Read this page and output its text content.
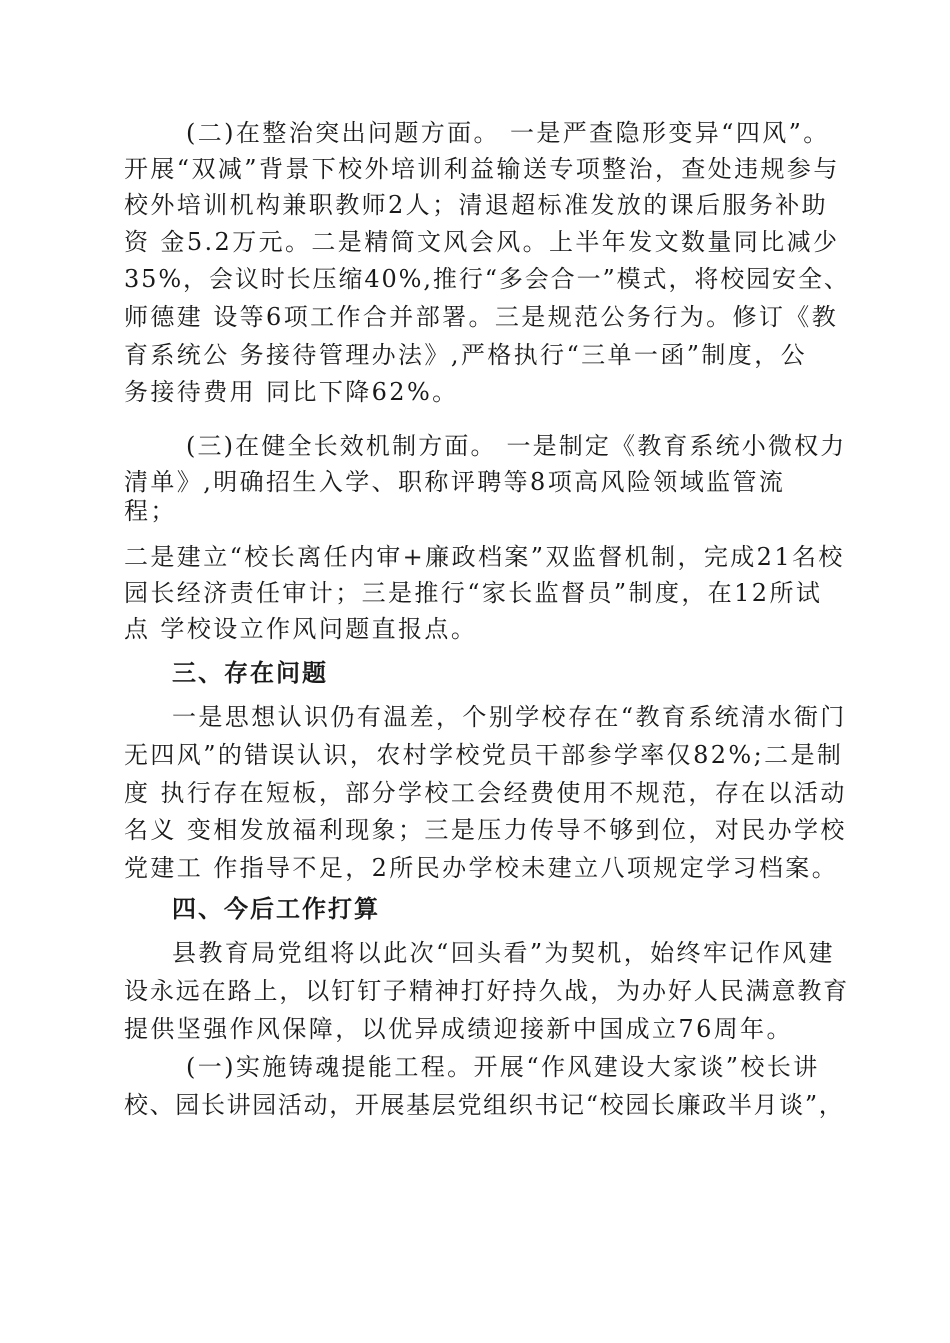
(二)在整治突出问题方面。 一是严查隐形变异“四风”。
开展“双减”背景下校外培训利益输送专项整治，查处违规参与
校外培训机构兼职教师2人；清退超标准发放的课后服务补助
资 金5.2万元。二是精简文风会风。上半年发文数量同比减少
35%，会议时长压缩40%,推行“多会合一”模式，将校园安全、
师德建 设等6项工作合并部署。三是规范公务行为。修订《教
育系统公 务接待管理办法》,严格执行“三单一函”制度，公
务接待费用 同比下降62%。
(三)在健全长效机制方面。 一是制定《教育系统小微权力
清单》,明确招生入学、职称评聘等8项高风险领域监管流
程；
二是建立“校长离任内审+廉政档案”双监督机制，完成21名校
园长经济责任审计；三是推行“家长监督员”制度，在12所试
点 学校设立作风问题直报点。
三、存在问题
一是思想认识仍有温差，个别学校存在“教育系统清水衙门
无四风”的错误认识，农村学校党员干部参学率仅82%;二是制
度 执行存在短板，部分学校工会经费使用不规范，存在以活动
名义 变相发放福利现象；三是压力传导不够到位，对民办学校
党建工 作指导不足，2所民办学校未建立八项规定学习档案。
四、今后工作打算
县教育局党组将以此次“回头看”为契机，始终牢记作风建
设永远在路上，以钉钉子精神打好持久战，为办好人民满意教育
提供坚强作风保障，以优异成绩迎接新中国成立76周年。
(一)实施铸魂提能工程。开展“作风建设大家谈”校长讲
校、园长讲园活动，开展基层党组织书记“校园长廉政半月谈”，
